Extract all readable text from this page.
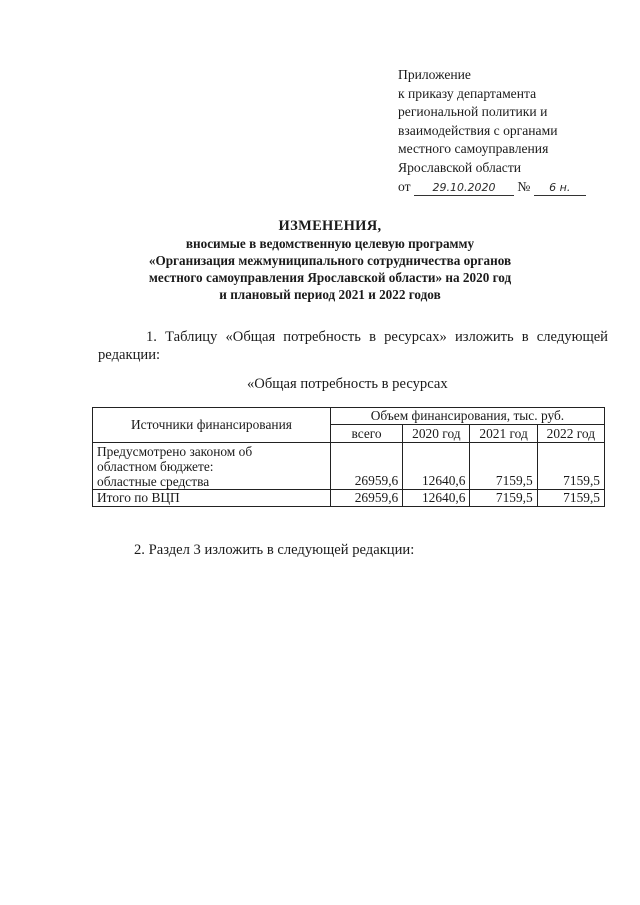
Приложение
к приказу департамента
региональной политики и
взаимодействия с органами
местного самоуправления
Ярославской области
от 29.10.2020 № 6 н.
ИЗМЕНЕНИЯ,
вносимые в ведомственную целевую программу
«Организация межмуниципального сотрудничества органов
местного самоуправления Ярославской области» на 2020 год
и плановый период 2021 и 2022 годов
1. Таблицу «Общая потребность в ресурсах» изложить в следующей редакции:
«Общая потребность в ресурсах
Источники финансирования	Объем финансирования, тыс. руб.			
	всего	2020 год	2021 год	2022 год

Предусмотрено законом об
областном бюджете:
областные средства	26959,6	12640,6	7159,5	7159,5
Итого по ВЦП	26959,6	12640,6	7159,5	7159,5
2. Раздел 3 изложить в следующей редакции:
